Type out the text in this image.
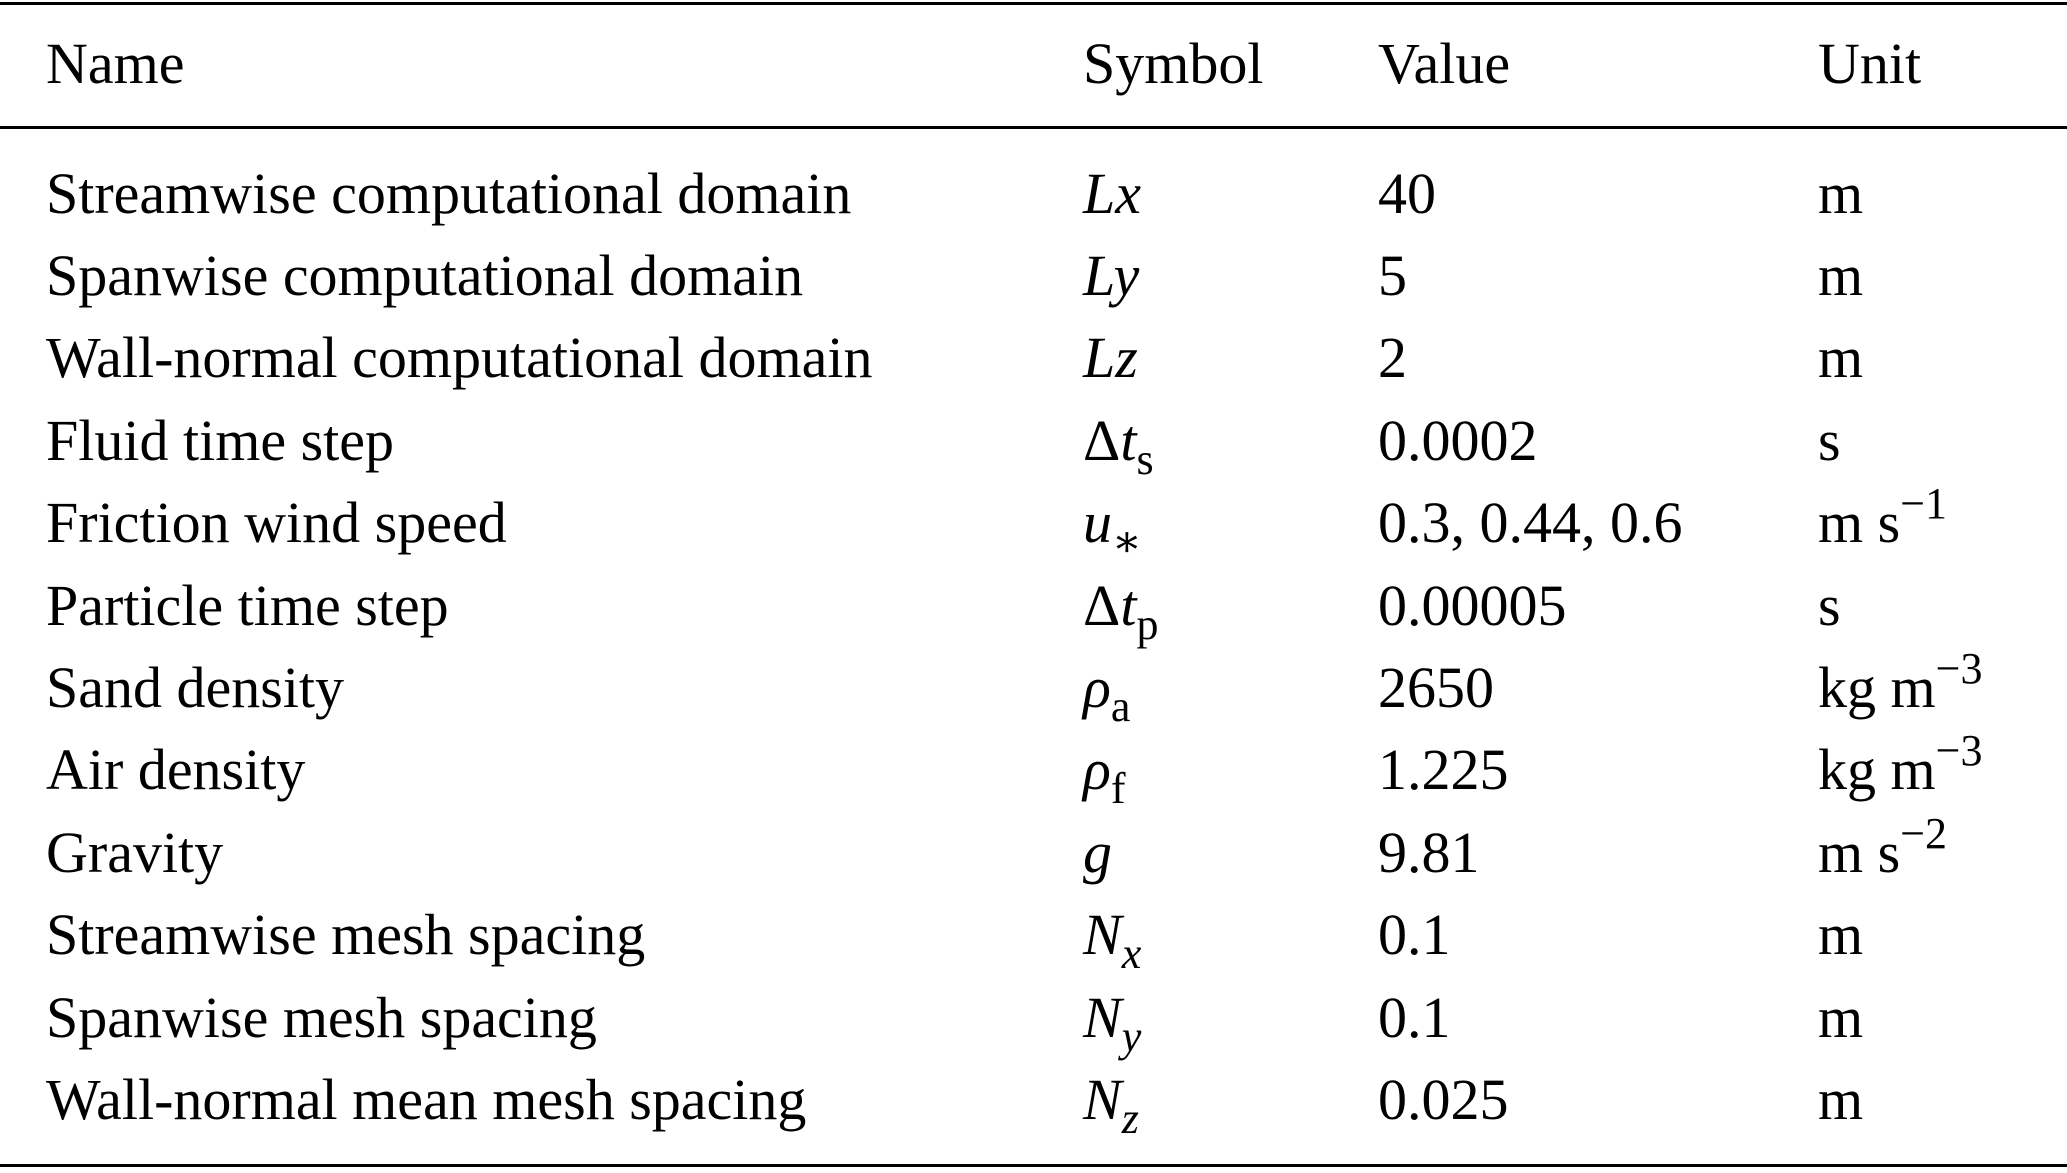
Name	Symbol	Value	Unit

Streamwise computational domain	Lx	40	m
Spanwise computational domain	Ly	5	m
Wall-normal computational domain	Lz	2	m
Fluid time step	$\Delta t_s$	0.0002	s
Friction wind speed	$u_∗$	0.3, 0.44, 0.6	m $s^{-1}$
Particle time step	$\Delta t_p$	0.00005	s
Sand density	$\rho_a$	2650	kg $m^{-3}$
Air density	$\rho_f$	1.225	kg $m^{-3}$
Gravity	g	9.81	m $s^{-2}$
Streamwise mesh spacing	$N_x$	0.1	m
Spanwise mesh spacing	$N_y$	0.1	m
Wall-normal mean mesh spacing	$N_z$	0.025	m
